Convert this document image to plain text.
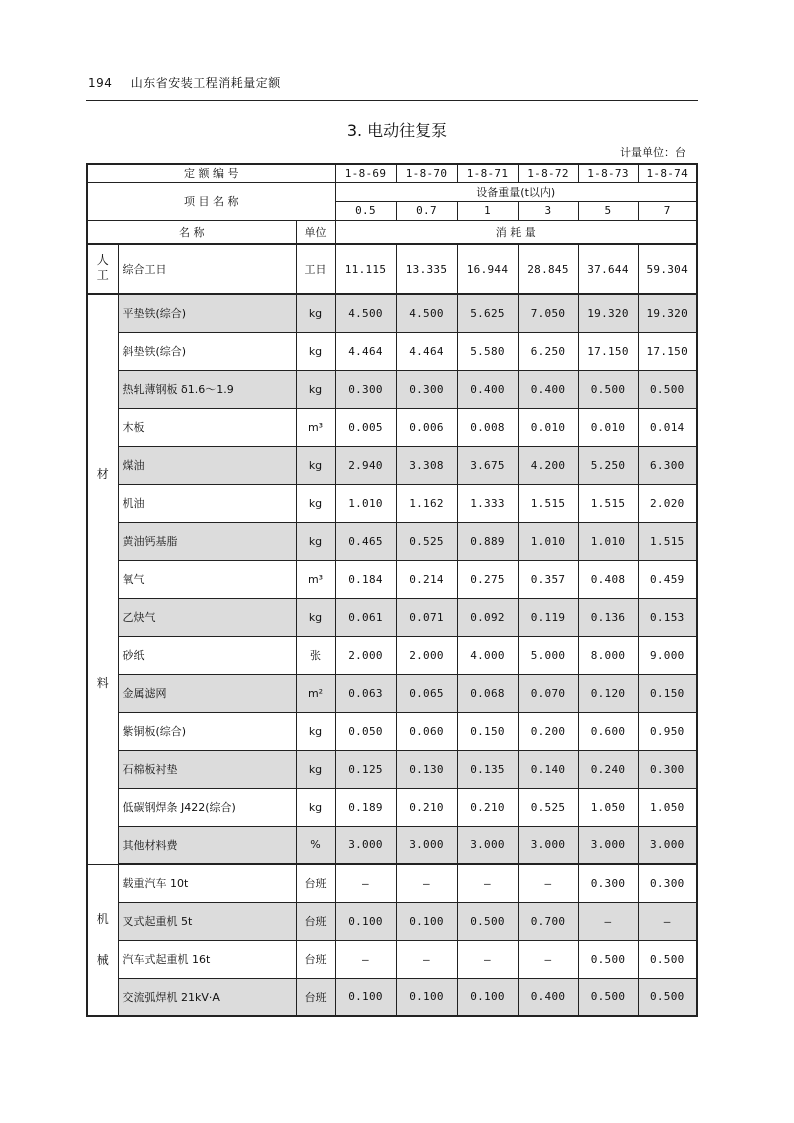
194 山东省安装工程消耗量定额
3. 电动往复泵
计量单位：台
定 额 编 号			1-8-69	1-8-70	1-8-71	1-8-72	1-8-73	1-8-74
项 目 名 称			设备重量(t以内)					
			0.5	0.7	1	3	5	7
名 称		单位	消 耗 量					
人工	综合工日	工日	11.115	13.335	16.944	28.845	37.644	59.304

材
料	平垫铁(综合)	kg	4.500	4.500	5.625	7.050	19.320	19.320
	斜垫铁(综合)	kg	4.464	4.464	5.580	6.250	17.150	17.150
	热轧薄钢板 δ1.6～1.9	kg	0.300	0.300	0.400	0.400	0.500	0.500
	木板	m³	0.005	0.006	0.008	0.010	0.010	0.014
	煤油	kg	2.940	3.308	3.675	4.200	5.250	6.300
	机油	kg	1.010	1.162	1.333	1.515	1.515	2.020
	黄油钙基脂	kg	0.465	0.525	0.889	1.010	1.010	1.515
	氧气	m³	0.184	0.214	0.275	0.357	0.408	0.459
	乙炔气	kg	0.061	0.071	0.092	0.119	0.136	0.153
	砂纸	张	2.000	2.000	4.000	5.000	8.000	9.000
	金属滤网	m²	0.063	0.065	0.068	0.070	0.120	0.150
	紫铜板(综合)	kg	0.050	0.060	0.150	0.200	0.600	0.950
	石棉板衬垫	kg	0.125	0.130	0.135	0.140	0.240	0.300
	低碳钢焊条 J422(综合)	kg	0.189	0.210	0.210	0.525	1.050	1.050
	其他材料费	%	3.000	3.000	3.000	3.000	3.000	3.000

机
械	载重汽车 10t	台班	—	—	—	—	0.300	0.300
	叉式起重机 5t	台班	0.100	0.100	0.500	0.700	—	—
	汽车式起重机 16t	台班	—	—	—	—	0.500	0.500
	交流弧焊机 21kV·A	台班	0.100	0.100	0.100	0.400	0.500	0.500
